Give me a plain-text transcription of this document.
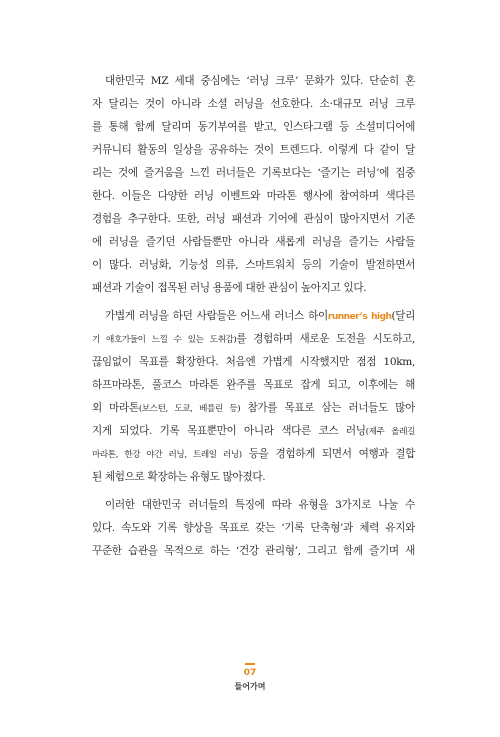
대한민국 MZ 세대 중심에는 ‘러닝 크루’ 문화가 있다. 단순히 혼
자 달리는 것이 아니라 소셜 러닝을 선호한다. 소·대규모 러닝 크루
를 통해 함께 달리며 동기부여를 받고, 인스타그램 등 소셜미디어에
커뮤니티 활동의 일상을 공유하는 것이 트렌드다. 이렇게 다 같이 달
리는 것에 즐거움을 느낀 러너들은 기록보다는 ‘즐기는 러닝’에 집중
한다. 이들은 다양한 러닝 이벤트와 마라톤 행사에 참여하며 색다른
경험을 추구한다. 또한, 러닝 패션과 기어에 관심이 많아지면서 기존
에 러닝을 즐기던 사람들뿐만 아니라 새롭게 러닝을 즐기는 사람들
이 많다. 러닝화, 기능성 의류, 스마트워치 등의 기술이 발전하면서
패션과 기술이 접목된 러닝 용품에 대한 관심이 높아지고 있다.
가볍게 러닝을 하던 사람들은 어느새 러너스 하이runner’s high(달리
기 애호가들이 느낄 수 있는 도취감)를 경험하며 새로운 도전을 시도하고,
끊임없이 목표를 확장한다. 처음엔 가볍게 시작했지만 점점 10km,
하프마라톤, 풀코스 마라톤 완주를 목표로 잡게 되고, 이후에는 해
외 마라톤(보스턴, 도쿄, 베를린 등) 참가를 목표로 삼는 러너들도 많아
지게 되었다. 기록 목표뿐만이 아니라 색다른 코스 러닝(제주 올레길
마라톤, 한강 야간 러닝, 트레일 러닝) 등을 경험하게 되면서 여행과 결합
된 체험으로 확장하는 유형도 많아졌다.
이러한 대한민국 러너들의 특징에 따라 유형을 3가지로 나눌 수
있다. 속도와 기록 향상을 목표로 갖는 ‘기록 단축형’과 체력 유지와
꾸준한 습관을 목적으로 하는 ‘건강 관리형’, 그리고 함께 즐기며 새
07
들어가며
